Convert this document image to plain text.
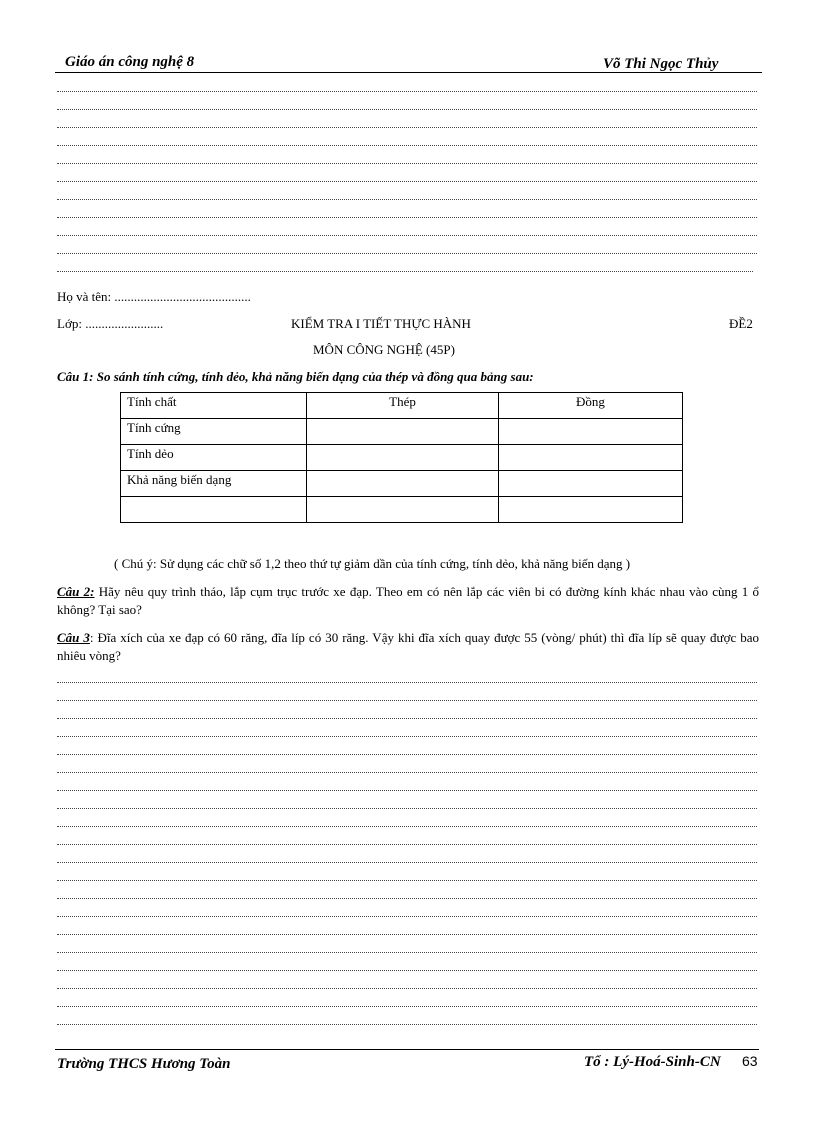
Giáo án công nghệ 8	Võ Thi Ngọc Thủy
Họ và tên: ..........................................
Lớp: ........................	KIỂM TRA I TIẾT THỰC HÀNH	ĐỀ2
MÔN CÔNG NGHỆ (45P)
Câu 1: So sánh tính cứng, tính dẻo, khả năng biến dạng của thép và đồng qua bảng sau:
Tính chất	Thép	Đồng
Tính cứng		
Tính dẻo		
Khả năng biến dạng		

( Chú ý: Sử dụng các chữ số 1,2 theo thứ tự giảm dần của tính cứng, tính dẻo, khả năng biến dạng )
Câu 2: Hãy nêu quy trình tháo, lắp cụm trục trước xe đạp. Theo em có nên lắp các viên bi có đường kính khác nhau vào cùng 1 ổ không? Tại sao?
Câu 3: Đĩa xích của xe đạp có 60 răng, đĩa líp có 30 răng. Vậy khi đĩa xích quay được 55 (vòng/ phút) thì đĩa líp sẽ quay được bao nhiêu vòng?
Trường THCS Hương Toàn	Tổ : Lý-Hoá-Sinh-CN 63
